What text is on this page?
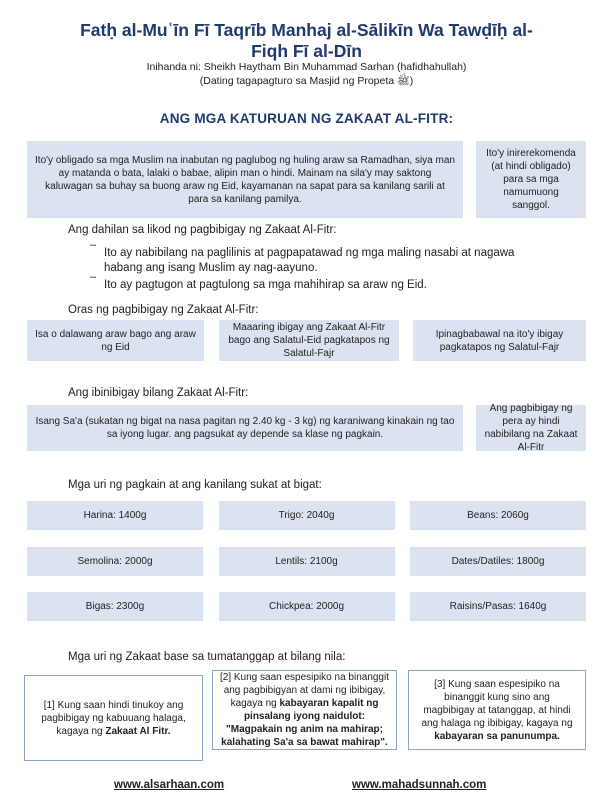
Fatḥ al-Muʿīn Fī Taqrīb Manhaj al-Sālikīn Wa Tawḍīḥ al-
Fiqh Fī al-Dīn
Inihanda ni: Sheikh Haytham Bin Muhammad Sarhan (hafidhahullah)
(Dating tagapagturo sa Masjid ng Propeta ﷺ)
ANG MGA KATURUAN NG ZAKAAT AL-FITR:
Ito'y obligado sa mga Muslim na inabutan ng paglubog ng huling araw sa Ramadhan, siya man ay matanda o bata, lalaki o babae, alipin man o hindi. Mainam na sila'y may saktong kaluwagan sa buhay sa buong araw ng Eid, kayamanan na sapat para sa kanilang sarili at para sa kanilang pamilya.
Ito'y inirerekomenda (at hindi obligado) para sa mga namumuong sanggol.
Ang dahilan sa likod ng pagbibigay ng Zakaat Al-Fitr:
–
Ito ay nabibilang na paglilinis at pagpapatawad ng mga maling nasabi at nagawa habang ang isang Muslim ay nag-aayuno.
–
Ito ay pagtugon at pagtulong sa mga mahihirap sa araw ng Eid.
Oras ng pagbibigay ng Zakaat Al-Fitr:
Isa o dalawang araw bago ang araw ng Eid
Maaaring ibigay ang Zakaat Al-Fitr bago ang Salatul-Eid pagkatapos ng Salatul-Fajr
Ipinagbabawal na ito'y ibigay pagkatapos ng Salatul-Fajr
Ang ibinibigay bilang Zakaat Al-Fitr:
Isang Sa'a (sukatan ng bigat na nasa pagitan ng 2.40 kg - 3 kg) ng karaniwang kinakain ng tao sa iyong lugar. ang pagsukat ay depende sa klase ng pagkain.
Ang pagbibigay ng pera ay hindi nabibilang na Zakaat Al-Fitr
Mga uri ng pagkain at ang kanilang sukat at bigat:
Harina: 1400g	Trigo: 2040g	Beans: 2060g
Semolina: 2000g	Lentils: 2100g	Dates/Datiles: 1800g
Bigas: 2300g	Chickpea: 2000g	Raisins/Pasas: 1640g
Mga uri ng Zakaat base sa tumatanggap at bilang nila:
[1] Kung saan hindi tinukoy ang pagbibigay ng kabuuang halaga, kagaya ng Zakaat Al Fitr.
[2] Kung saan espesipiko na binanggit ang pagbibigyan at dami ng ibibigay, kagaya ng kabayaran kapalit ng pinsalang iyong naidulot: "Magpakain ng anim na mahirap; kalahating Sa'a sa bawat mahirap".
[3] Kung saan espesipiko na binanggit kung sino ang magbibigay at tatanggap, at hindi ang halaga ng ibibigay, kagaya ng kabayaran sa panunumpa.
www.alsarhaan.com	www.mahadsunnah.com
